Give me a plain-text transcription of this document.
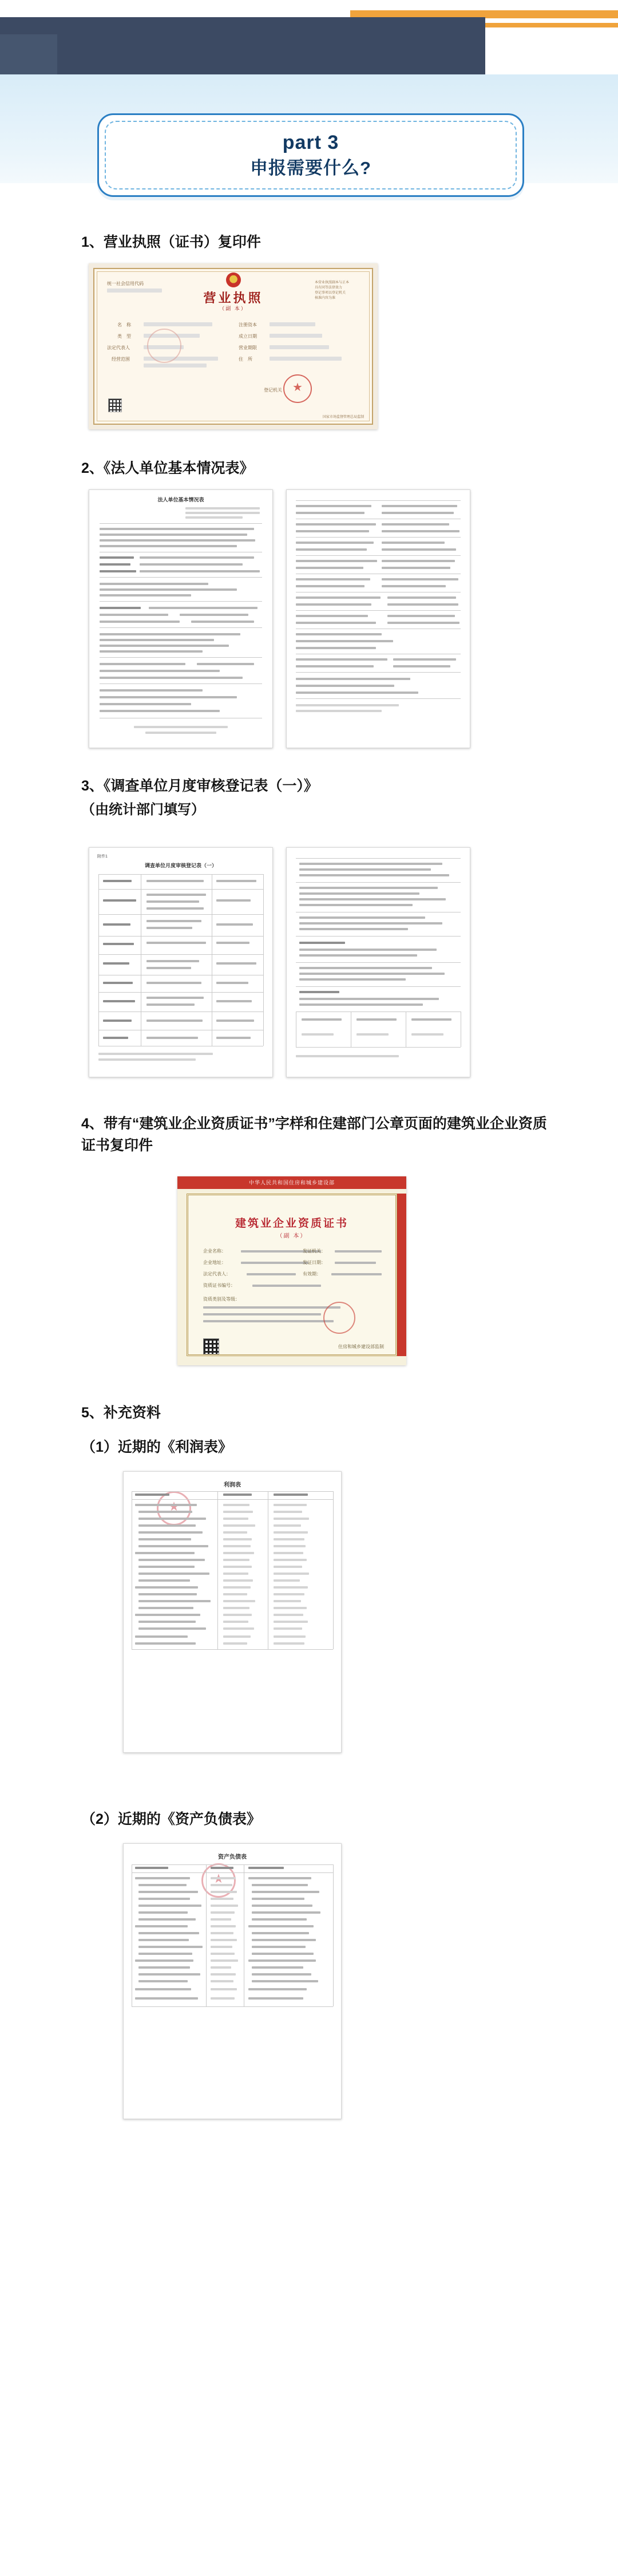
part 3
申报需要什么?
1、营业执照（证书）复印件
营业执照
（副 本）
统一社会信用代码	本营业执照副本与正本
具有同等法律效力
登记事项以登记机关
核准内容为准
名　称
类　型
法定代表人
经营范围
注册资本
成立日期
营业期限
住　所
登记机关
★
国家市场监督管理总局监制
2、《法人单位基本情况表》
法人单位基本情况表
3、《调查单位月度审核登记表（一）》
（由统计部门填写）
附件1
调查单位月度审核登记表（一）
4、带有“建筑业企业资质证书”字样和住建部门公章页面的建筑业企业资质证书复印件
中华人民共和国住房和城乡建设部
建筑业企业资质证书
（副 本）
企业名称：
企业地址：
法定代表人：
资质证书编号：
发证机关：
发证日期：
有效期：
资质类别及等级：
住房和城乡建设部监制
5、补充资料
（1）近期的《利润表》
利润表
★
（2）近期的《资产负债表》
资产负债表
★
